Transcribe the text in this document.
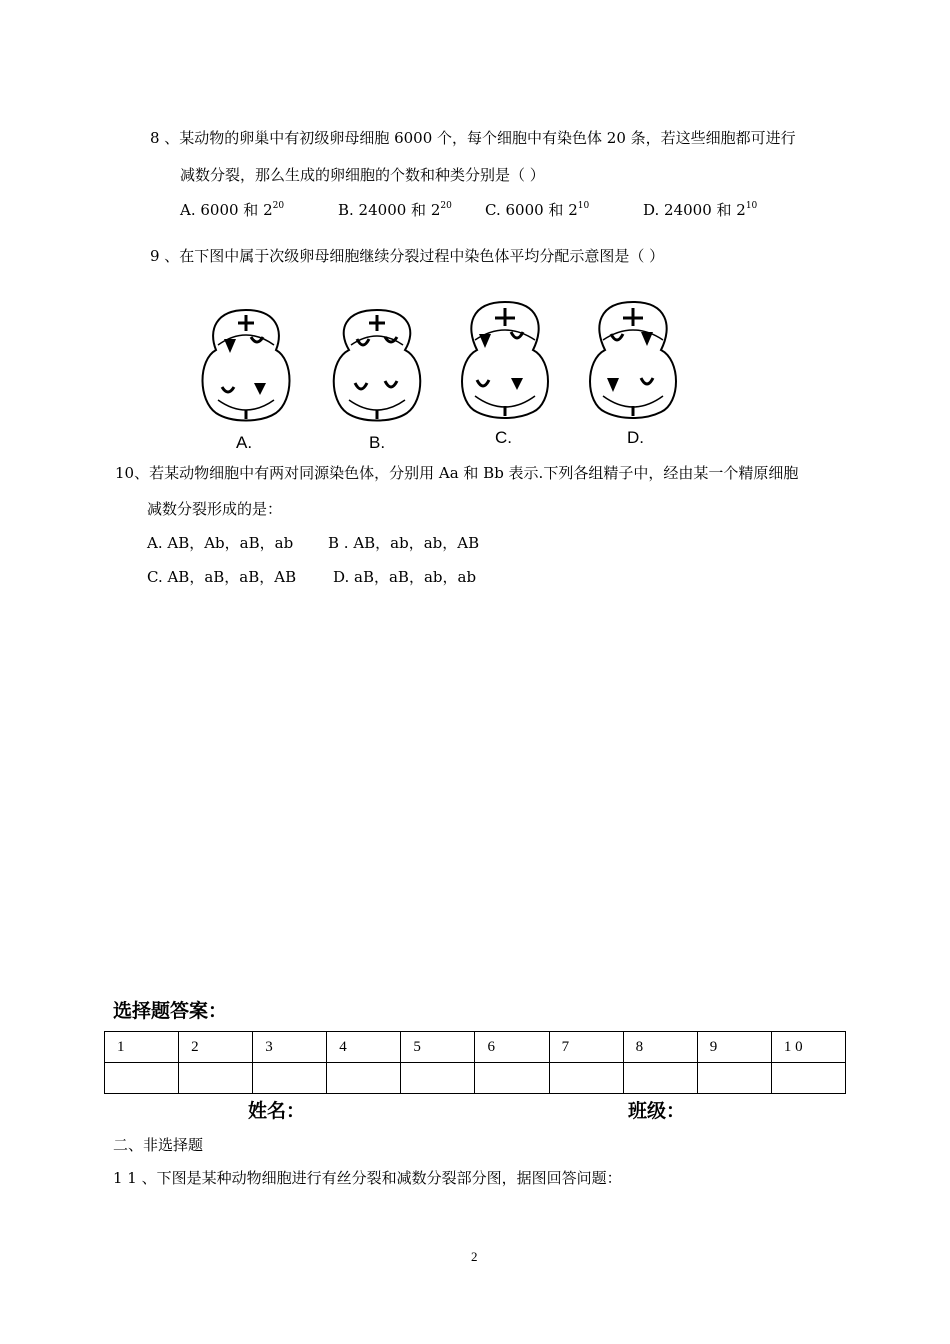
8 、某动物的卵巢中有初级卵母细胞 6000 个，每个细胞中有染色体 20 条，若这些细胞都可进行
减数分裂，那么生成的卵细胞的个数和种类分别是（ ）
A. 6000 和 $2^{20}$	B. 24000 和 $2^{20}$ C. 6000 和 $2^{10}$	D. 24000 和 $2^{10}$
9 、在下图中属于次级卵母细胞继续分裂过程中染色体平均分配示意图是（ ）
A.	B.	C.	D.
10、若某动物细胞中有两对同源染色体，分别用 Aa 和 Bb 表示.下列各组精子中，经由某一个精原细胞
减数分裂形成的是：
A. AB，Ab，aB，ab B . AB，ab，ab，AB
C. AB，aB，aB，AB D. aB，aB，ab，ab
选择题答案：
1	2	3	4	5	6	7	8	9	1 0

姓名：	班级：
二、非选择题
1 1 、下图是某种动物细胞进行有丝分裂和减数分裂部分图，据图回答问题：
2
